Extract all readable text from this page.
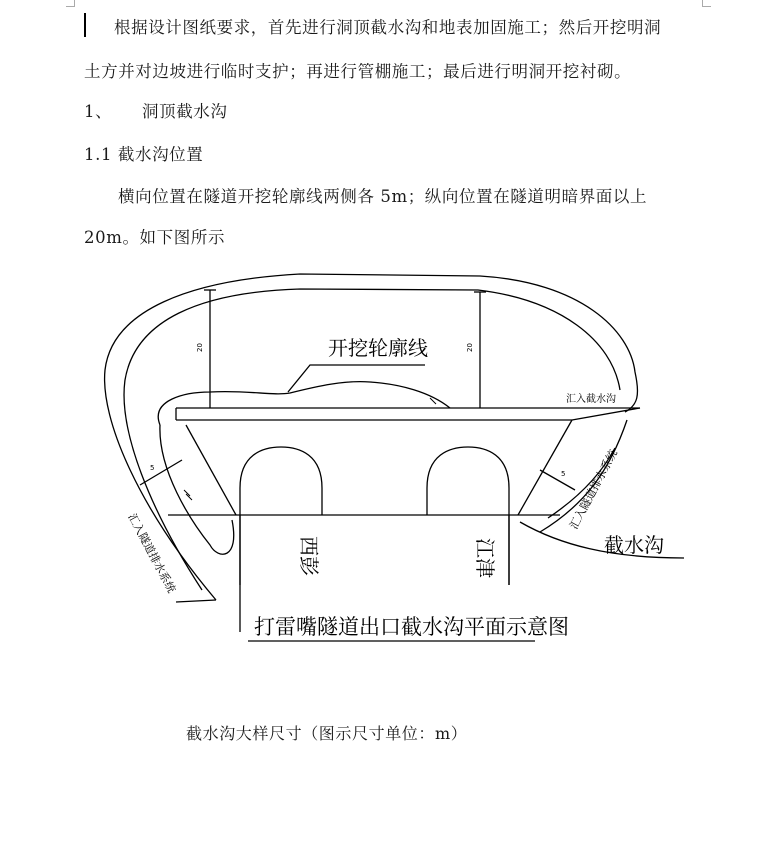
根据设计图纸要求，首先进行洞顶截水沟和地表加固施工；然后开挖明洞
土方并对边坡进行临时支护；再进行管棚施工；最后进行明洞开挖衬砌。
1、 洞顶截水沟
1.1 截水沟位置
横向位置在隧道开挖轮廓线两侧各 5m；纵向位置在隧道明暗界面以上
20m。如下图所示
开挖轮廓线
20	20
5
5
汇入截水沟
汇入隧道排水系统
汇入隧道排水系统
截水沟
西彭	江津
打雷嘴隧道出口截水沟平面示意图
截水沟大样尺寸（图示尺寸单位：m）
